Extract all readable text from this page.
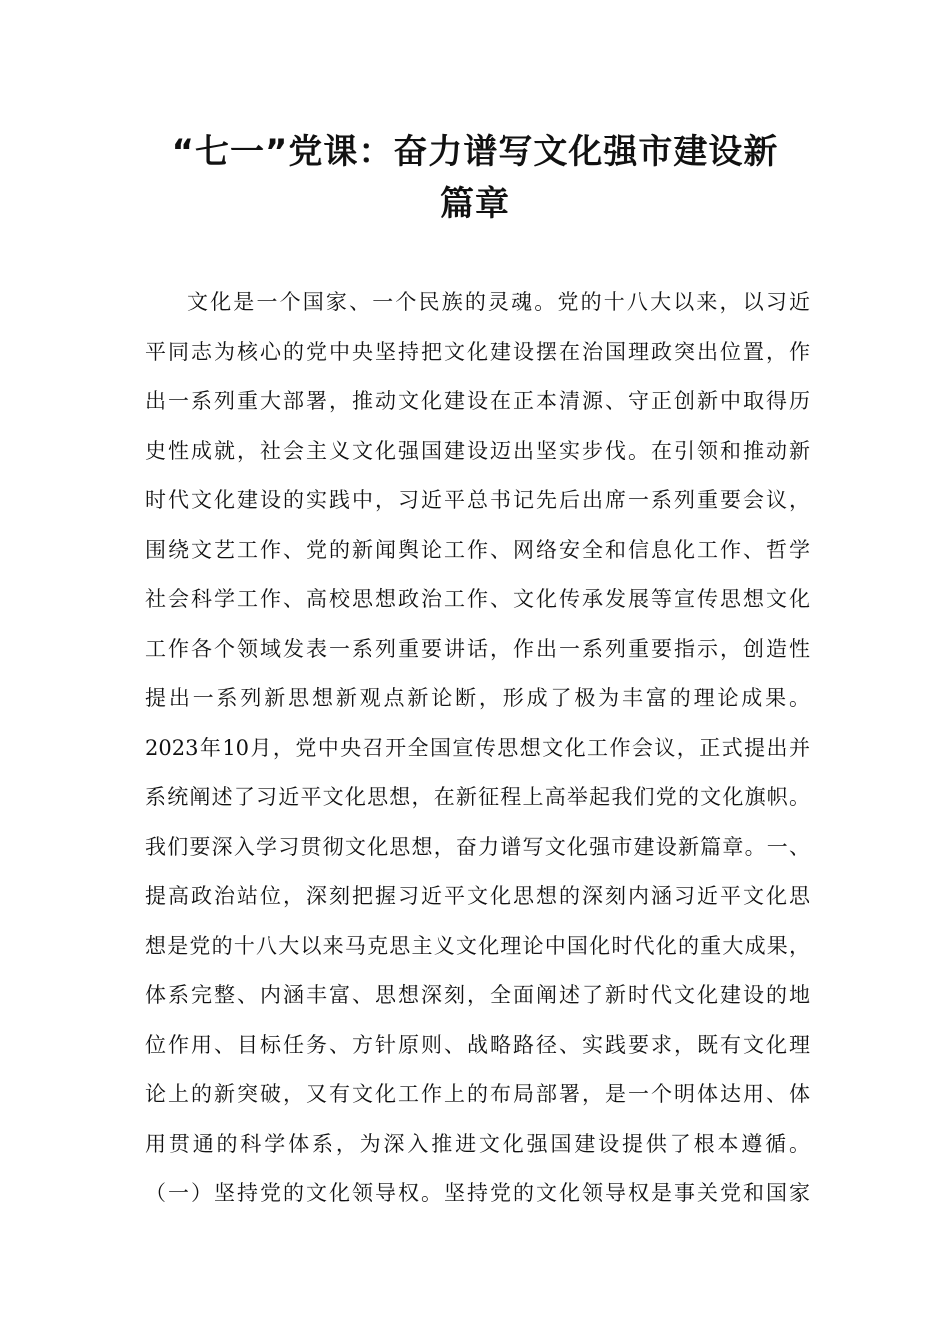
“七一”党课：奋力谱写文化强市建设新
篇章
文化是一个国家、一个民族的灵魂。党的十八大以来，以习近
平同志为核心的党中央坚持把文化建设摆在治国理政突出位置，作
出一系列重大部署，推动文化建设在正本清源、守正创新中取得历
史性成就，社会主义文化强国建设迈出坚实步伐。在引领和推动新
时代文化建设的实践中，习近平总书记先后出席一系列重要会议，
围绕文艺工作、党的新闻舆论工作、网络安全和信息化工作、哲学
社会科学工作、高校思想政治工作、文化传承发展等宣传思想文化
工作各个领域发表一系列重要讲话，作出一系列重要指示，创造性
提出一系列新思想新观点新论断，形成了极为丰富的理论成果。
2023年10月，党中央召开全国宣传思想文化工作会议，正式提出并
系统阐述了习近平文化思想，在新征程上高举起我们党的文化旗帜。
我们要深入学习贯彻文化思想，奋力谱写文化强市建设新篇章。一、
提高政治站位，深刻把握习近平文化思想的深刻内涵习近平文化思
想是党的十八大以来马克思主义文化理论中国化时代化的重大成果，
体系完整、内涵丰富、思想深刻，全面阐述了新时代文化建设的地
位作用、目标任务、方针原则、战略路径、实践要求，既有文化理
论上的新突破，又有文化工作上的布局部署，是一个明体达用、体
用贯通的科学体系，为深入推进文化强国建设提供了根本遵循。
（一）坚持党的文化领导权。坚持党的文化领导权是事关党和国家
